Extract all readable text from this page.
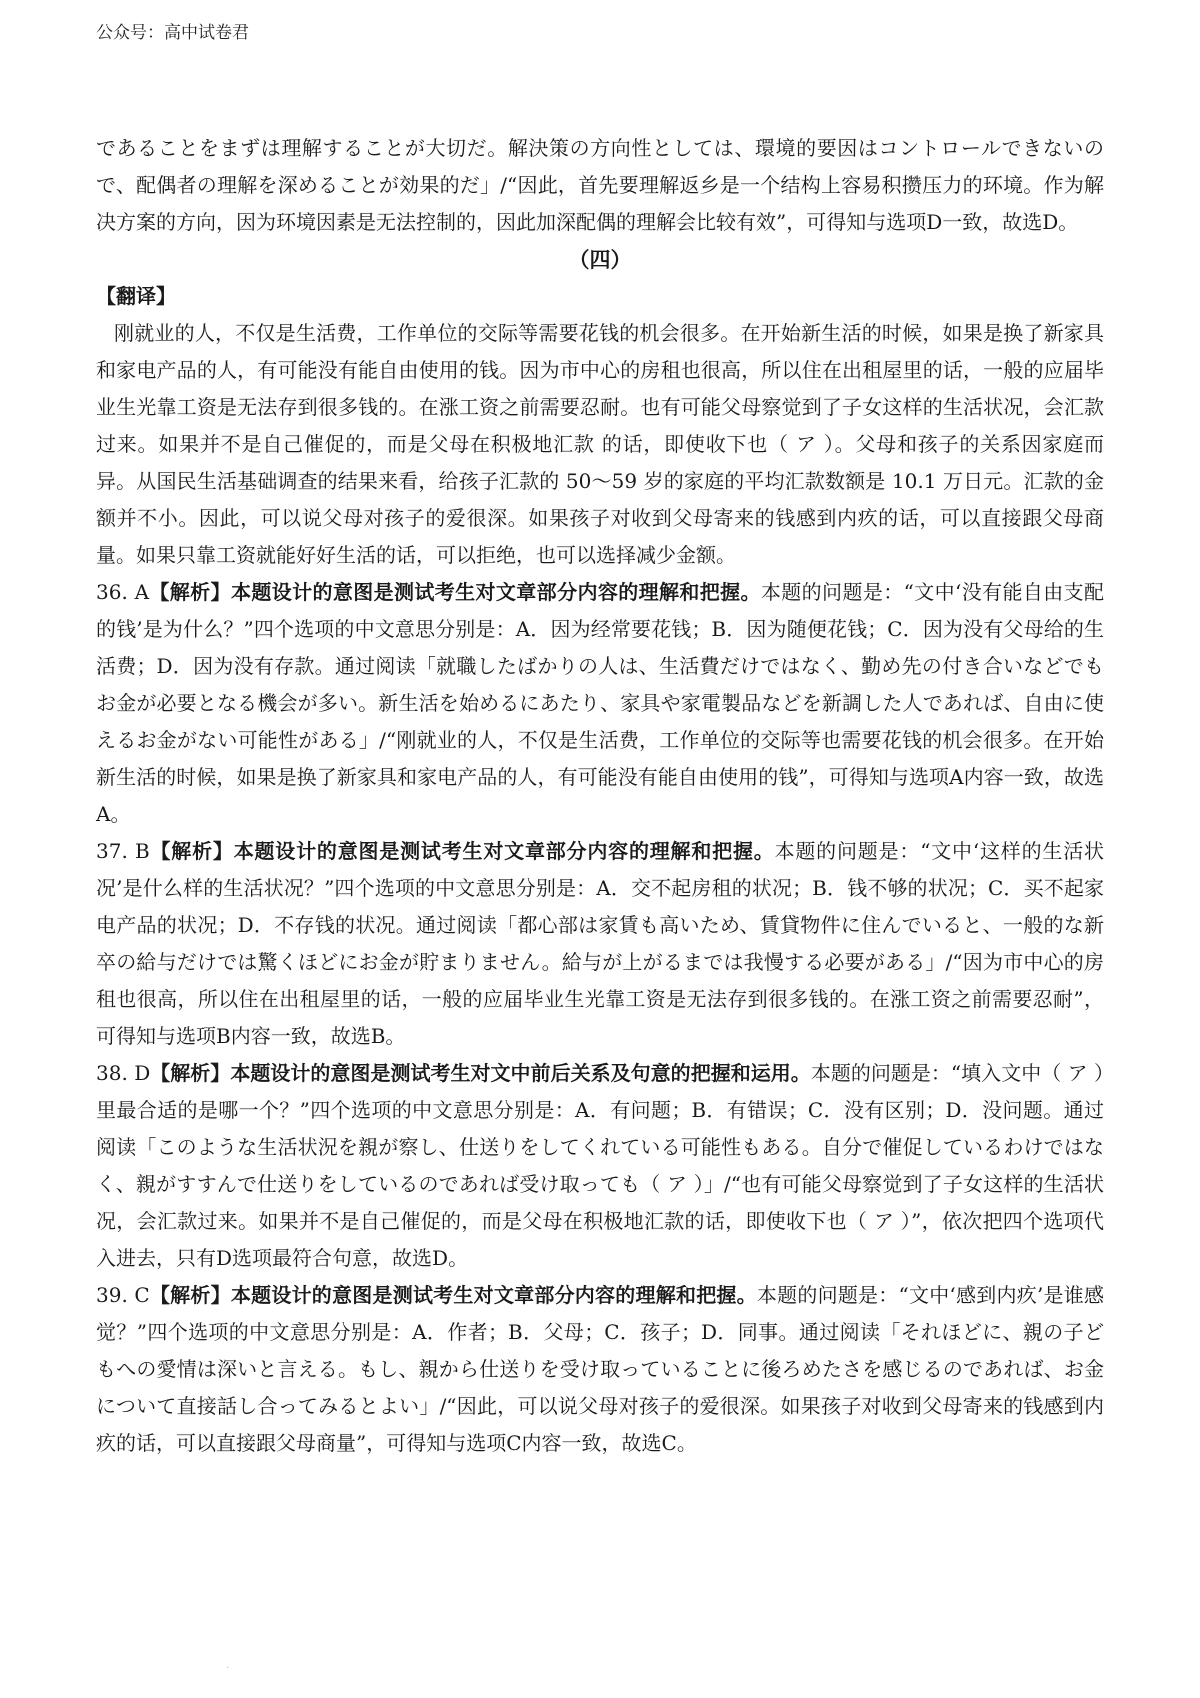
公众号：高中试卷君

であることをまずは理解することが大切だ。解決策の方向性としては、環境的要因はコントロールできないので、配偶者の理解を深めることが効果的だ」/“因此，首先要理解返乡是一个结构上容易积攒压力的环境。作为解决方案的方向，因为环境因素是无法控制的，因此加深配偶的理解会比较有效”，可得知与选项D一致，故选D。

（四）

【翻译】

刚就业的人，不仅是生活费，工作单位的交际等需要花钱的机会很多。在开始新生活的时候，如果是换了新家具和家电产品的人，有可能没有能自由使用的钱。因为市中心的房租也很高，所以住在出租屋里的话，一般的应届毕业生光靠工资是无法存到很多钱的。在涨工资之前需要忍耐。也有可能父母察觉到了子女这样的生活状况，会汇款过来。如果并不是自己催促的，而是父母在积极地汇款 的话，即使收下也（ ア ）。父母和孩子的关系因家庭而异。从国民生活基础调查的结果来看，给孩子汇款的 50～59 岁的家庭的平均汇款数额是 10.1 万日元。汇款的金额并不小。因此，可以说父母对孩子的爱很深。如果孩子对收到父母寄来的钱感到内疚的话，可以直接跟父母商量。如果只靠工资就能好好生活的话，可以拒绝，也可以选择减少金额。

36. A【解析】本题设计的意图是测试考生对文章部分内容的理解和把握。本题的问题是：“文中‘没有能自由支配的钱’是为什么？”四个选项的中文意思分别是：A．因为经常要花钱；B．因为随便花钱；C．因为没有父母给的生活费；D．因为没有存款。通过阅读「就職したばかりの人は、生活費だけではなく、勤め先の付き合いなどでもお金が必要となる機会が多い。新生活を始めるにあたり、家具や家電製品などを新調した人であれば、自由に使えるお金がない可能性がある」/“刚就业的人，不仅是生活费，工作单位的交际等也需要花钱的机会很多。在开始新生活的时候，如果是换了新家具和家电产品的人，有可能没有能自由使用的钱”，可得知与选项A内容一致，故选A。

37. B【解析】本题设计的意图是测试考生对文章部分内容的理解和把握。本题的问题是：“文中‘这样的生活状况’是什么样的生活状况？”四个选项的中文意思分别是：A．交不起房租的状况；B．钱不够的状况；C．买不起家电产品的状况；D．不存钱的状况。通过阅读「都心部は家賃も高いため、賃貸物件に住んでいると、一般的な新卒の給与だけでは驚くほどにお金が貯まりません。給与が上がるまでは我慢する必要がある」/“因为市中心的房租也很高，所以住在出租屋里的话，一般的应届毕业生光靠工资是无法存到很多钱的。在涨工资之前需要忍耐”，可得知与选项B内容一致，故选B。

38. D【解析】本题设计的意图是测试考生对文中前后关系及句意的把握和运用。本题的问题是：“填入文中（ ア ）里最合适的是哪一个？”四个选项的中文意思分别是：A．有问题；B．有错误；C．没有区别；D．没问题。通过阅读「このような生活状況を親が察し、仕送りをしてくれている可能性もある。自分で催促しているわけではなく、親がすすんで仕送りをしているのであれば受け取っても（ ア ）」/“也有可能父母察觉到了子女这样的生活状况，会汇款过来。如果并不是自己催促的，而是父母在积极地汇款的话，即使收下也（ ア ）”，依次把四个选项代入进去，只有D选项最符合句意，故选D。

39. C【解析】本题设计的意图是测试考生对文章部分内容的理解和把握。本题的问题是：“文中‘感到内疚’是谁感觉？”四个选项的中文意思分别是：A．作者；B．父母；C．孩子；D．同事。通过阅读「それほどに、親の子どもへの愛情は深いと言える。もし、親から仕送りを受け取っていることに後ろめたさを感じるのであれば、お金について直接話し合ってみるとよい」/“因此，可以说父母对孩子的爱很深。如果孩子对收到父母寄来的钱感到内疚的话，可以直接跟父母商量”，可得知与选项C内容一致，故选C。

.
